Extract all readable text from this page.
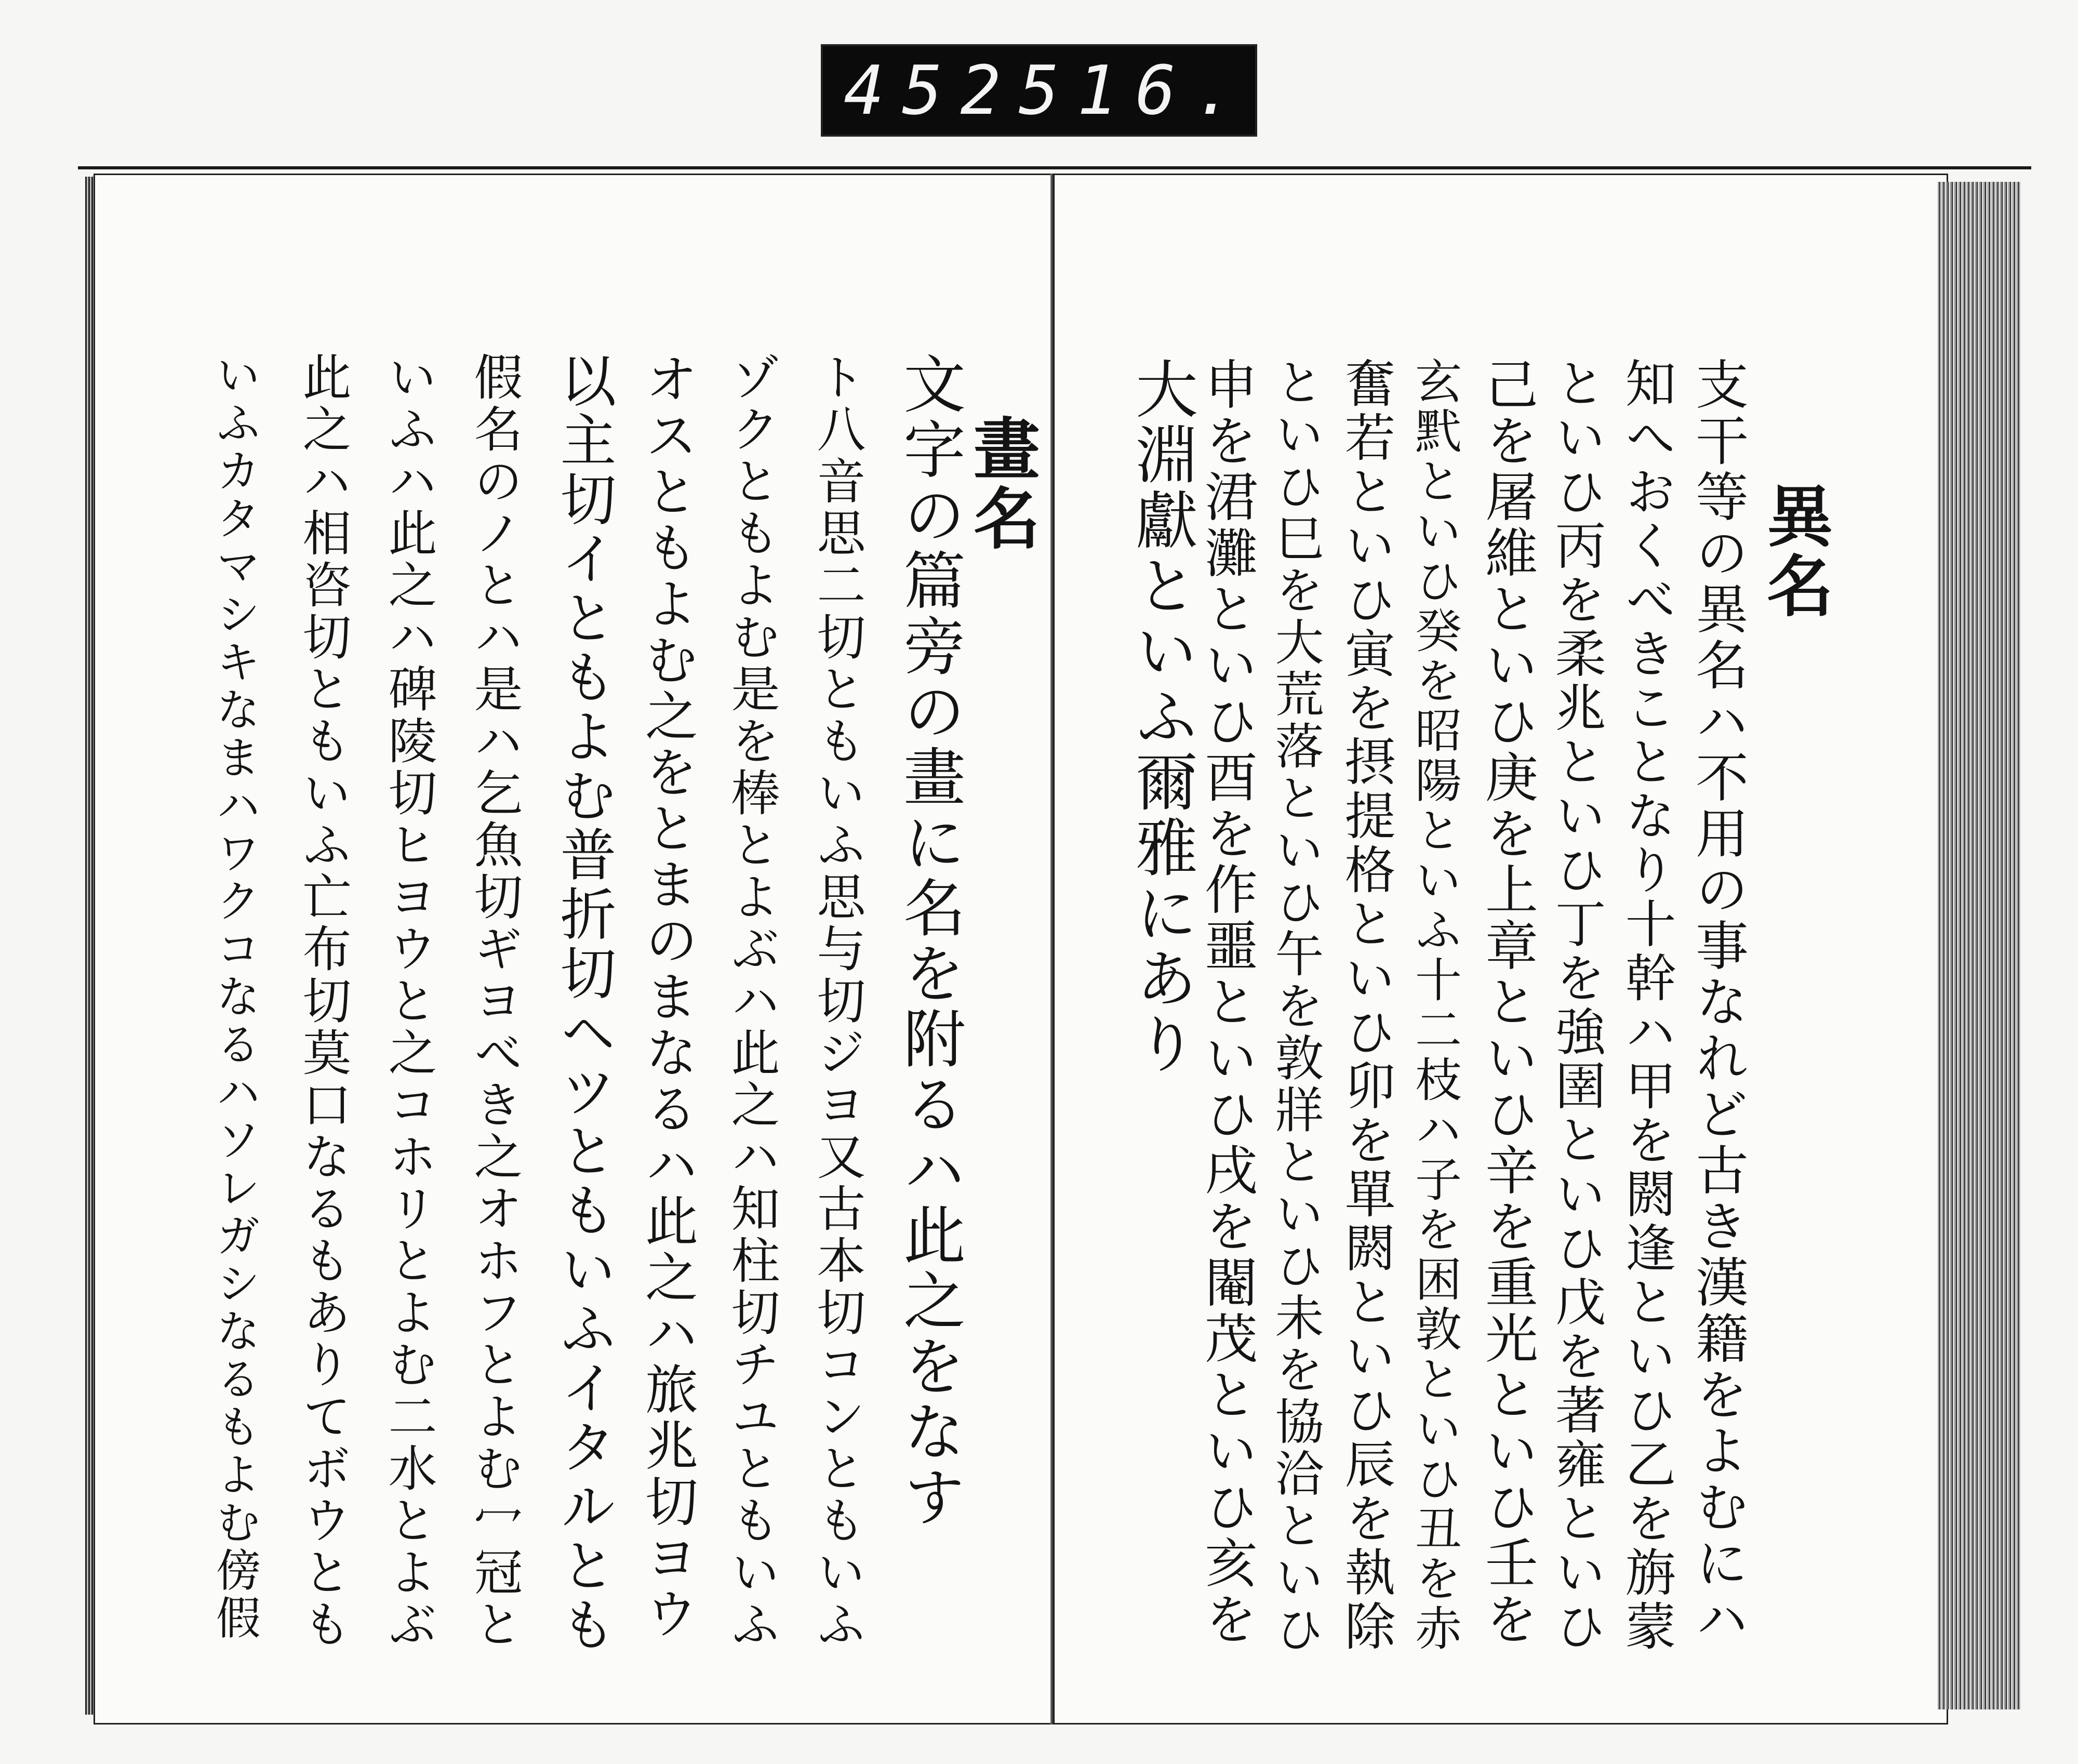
452 516.
畫名
文字の篇旁の畫に名を附るハ此之をなす
ト八音思二切ともいふ思与切ジヨ又古本切コンともいふ
ゾクともよむ是を棒とよぶハ此之ハ知柱切チユともいふ
オスともよむ之をとまのまなるハ此之ハ旅兆切ヨウ
以主切イともよむ普折切ヘツともいふイタルとも
假名のノとハ是ハ乞魚切ギヨべき之オホフとよむ冖冠と
いふハ此之ハ碑陵切ヒヨウと之コホリとよむ二水とよぶ
此之ハ相咨切ともいふ亡布切莫口なるもありてボウとも
いふカタマシキなまハワクコなるハソレガシなるもよむ傍假	異名
支干等の異名ハ不用の事なれど古き漢籍をよむにハ
知へおくべきことなり十幹ハ甲を閼逢といひ乙を旃蒙
といひ丙を柔兆といひ丁を強圉といひ戊を著雍といひ
己を屠維といひ庚を上章といひ辛を重光といひ壬を
玄黓といひ癸を昭陽といふ十二枝ハ子を困敦といひ丑を赤
奮若といひ寅を摂提格といひ卯を單閼といひ辰を執除
といひ巳を大荒落といひ午を敦牂といひ未を協洽といひ
申を涒灘といひ酉を作噩といひ戌を閹茂といひ亥を
大淵獻といふ爾雅にあり
